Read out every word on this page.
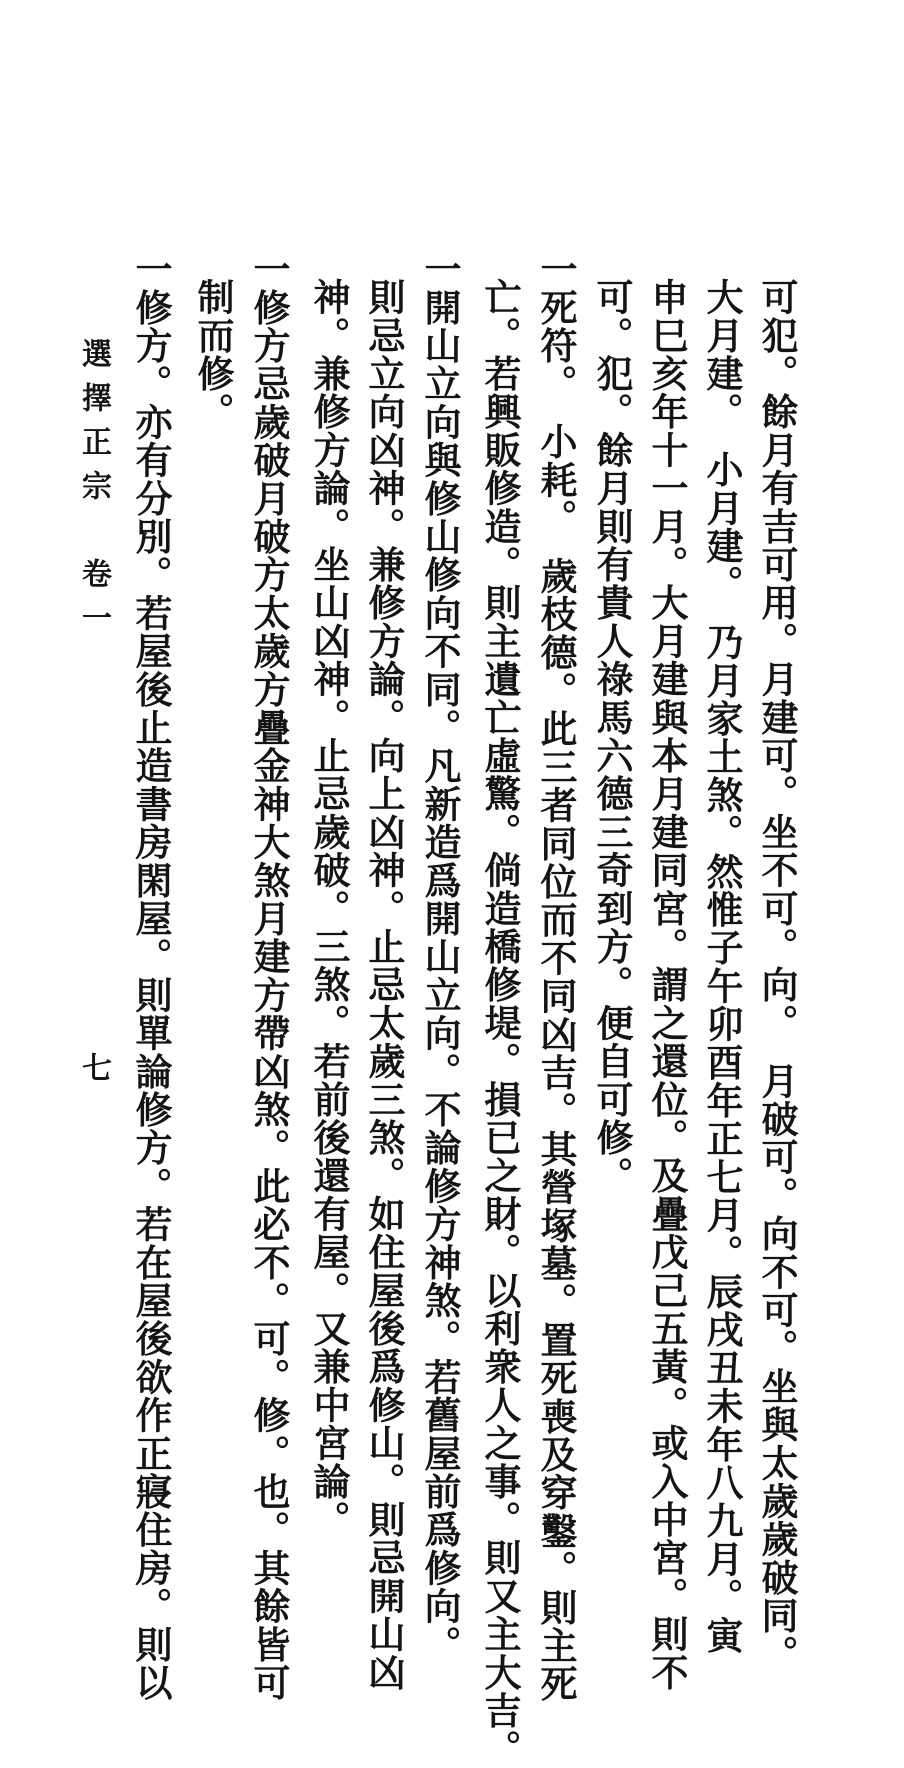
可犯。餘月有吉可用。月建可。坐不可。向。　月破可。向不可。坐與太歲歲破同。
大月建。　小月建。　乃月家土煞。然惟子午卯酉年正七月。辰戌丑未年八九月。寅
申巳亥年十一月。大月建與本月建同宮。謂之還位。及疊戊己五黃。或入中宮。則不
可。犯。餘月則有貴人祿馬六德三奇到方。便自可修。
一死符。　小耗。　歲枝德。此三者同位而不同凶吉。其營塚墓。置死喪及穿鑿。則主死
亡。若興販修造。則主遺亡虛驚。倘造橋修堤。損已之財。以利衆人之事。則又主大吉。
一開山立向與修山修向不同。凡新造爲開山立向。不論修方神煞。若舊屋前爲修向。
則忌立向凶神。兼修方論。向上凶神。止忌太歲三煞。如住屋後爲修山。則忌開山凶
神。兼修方論。坐山凶神。止忌歲破。三煞。若前後還有屋。又兼中宮論。
一修方忌歲破月破方太歲方疊金神大煞月建方帶凶煞。此必不。可。修。也。其餘皆可
制而修。
一修方。亦有分別。若屋後止造書房閑屋。則單論修方。若在屋後欲作正寢住房。則以
選擇正宗　卷一
七
